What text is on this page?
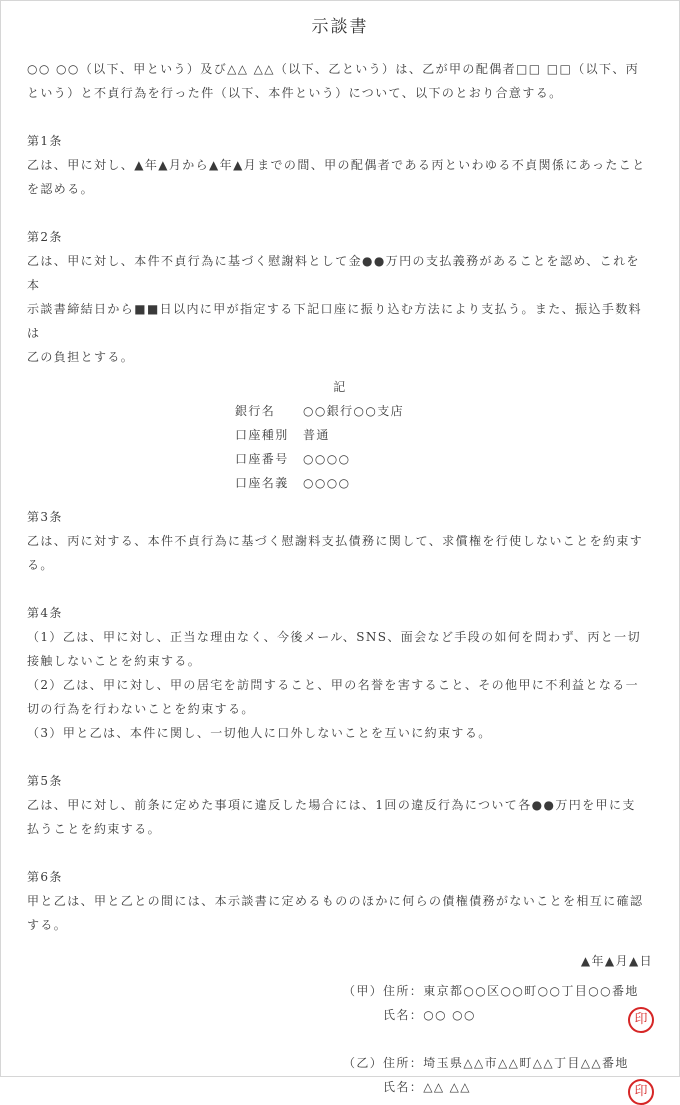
示談書

○○ ○○（以下、甲という）及び△△ △△（以下、乙という）は、乙が甲の配偶者□□ □□（以下、丙

という）と不貞行為を行った件（以下、本件という）について、以下のとおり合意する。

第1条

乙は、甲に対し、▲年▲月から▲年▲月までの間、甲の配偶者である丙といわゆる不貞関係にあったこと

を認める。

第2条

乙は、甲に対し、本件不貞行為に基づく慰謝料として金●●万円の支払義務があることを認め、これを本

示談書締結日から■■日以内に甲が指定する下記口座に振り込む方法により支払う。また、振込手数料は

乙の負担とする。

記

銀行名	○○銀行○○支店
口座種別	普通
口座番号	○○○○
口座名義	○○○○

第3条

乙は、丙に対する、本件不貞行為に基づく慰謝料支払債務に関して、求償権を行使しないことを約束す

る。

第4条

（1）乙は、甲に対し、正当な理由なく、今後メール、SNS、面会など手段の如何を問わず、丙と一切

接触しないことを約束する。

（2）乙は、甲に対し、甲の居宅を訪問すること、甲の名誉を害すること、その他甲に不利益となる一

切の行為を行わないことを約束する。

（3）甲と乙は、本件に関し、一切他人に口外しないことを互いに約束する。

第5条

乙は、甲に対し、前条に定めた事項に違反した場合には、1回の違反行為について各●●万円を甲に支

払うことを約束する。

第6条

甲と乙は、甲と乙との間には、本示談書に定めるもののほかに何らの債権債務がないことを相互に確認

する。

▲年▲月▲日

（甲） 住所：東京都○○区○○町○○丁目○○番地

氏名：○○ ○○	印
（乙） 住所：埼玉県△△市△△町△△丁目△△番地

氏名：△△ △△	印
